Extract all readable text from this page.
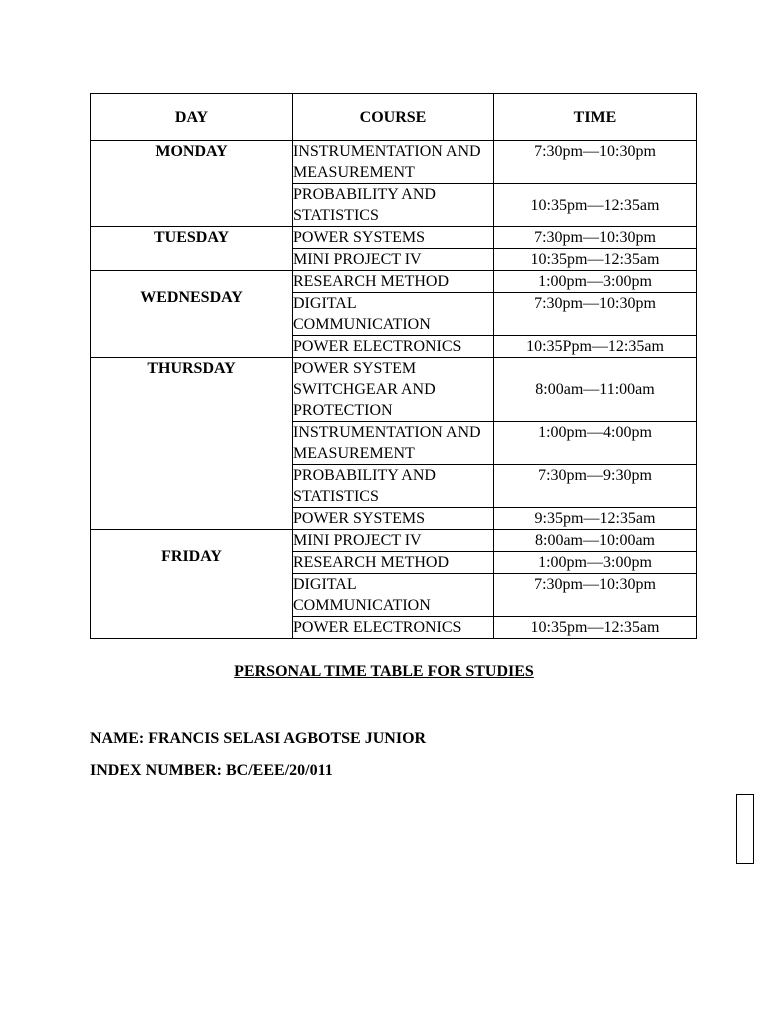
DAY	COURSE	TIME
MONDAY	INSTRUMENTATION AND MEASUREMENT	7:30pm—10:30pm
	PROBABILITY AND STATISTICS	10:35pm—12:35am
TUESDAY	POWER SYSTEMS	7:30pm—10:30pm
	MINI PROJECT IV	10:35pm—12:35am
WEDNESDAY	RESEARCH METHOD	1:00pm—3:00pm
	DIGITAL COMMUNICATION	7:30pm—10:30pm
	POWER ELECTRONICS	10:35Ppm—12:35am
THURSDAY	POWER SYSTEM SWITCHGEAR AND PROTECTION	8:00am—11:00am
	INSTRUMENTATION AND MEASUREMENT	1:00pm—4:00pm
	PROBABILITY AND STATISTICS	7:30pm—9:30pm
	POWER SYSTEMS	9:35pm—12:35am
FRIDAY	MINI PROJECT IV	8:00am—10:00am
	RESEARCH METHOD	1:00pm—3:00pm
	DIGITAL COMMUNICATION	7:30pm—10:30pm
	POWER ELECTRONICS	10:35pm—12:35am
PERSONAL TIME TABLE FOR STUDIES
NAME: FRANCIS SELASI AGBOTSE JUNIOR
INDEX NUMBER: BC/EEE/20/011
